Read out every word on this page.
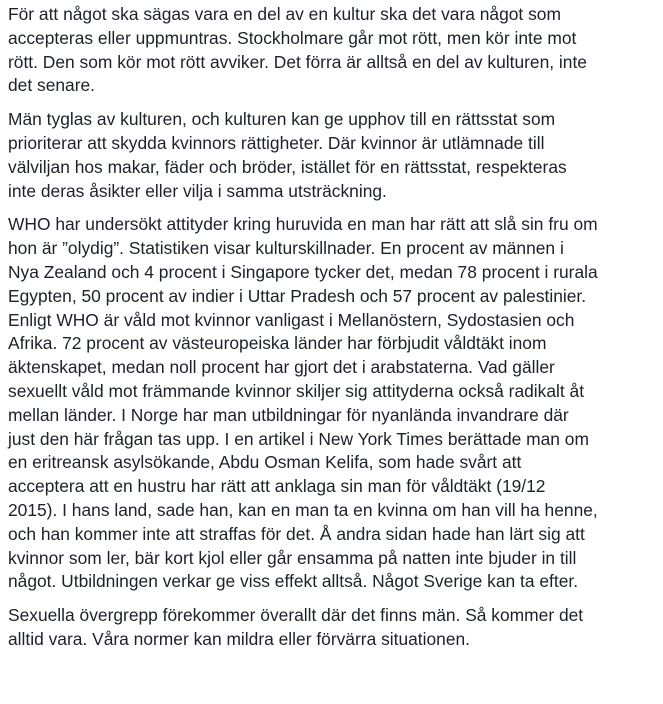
För att något ska sägas vara en del av en kultur ska det vara något som
accepteras eller uppmuntras. Stockholmare går mot rött, men kör inte mot
rött. Den som kör mot rött avviker. Det förra är alltså en del av kulturen, inte
det senare.

Män tyglas av kulturen, och kulturen kan ge upphov till en rättsstat som
prioriterar att skydda kvinnors rättigheter. Där kvinnor är utlämnade till
välviljan hos makar, fäder och bröder, istället för en rättsstat, respekteras
inte deras åsikter eller vilja i samma utsträckning.

WHO har undersökt attityder kring huruvida en man har rätt att slå sin fru om
hon är ”olydig”. Statistiken visar kulturskillnader. En procent av männen i
Nya Zealand och 4 procent i Singapore tycker det, medan 78 procent i rurala
Egypten, 50 procent av indier i Uttar Pradesh och 57 procent av palestinier.
Enligt WHO är våld mot kvinnor vanligast i Mellanöstern, Sydostasien och
Afrika. 72 procent av västeuropeiska länder har förbjudit våldtäkt inom
äktenskapet, medan noll procent har gjort det i arabstaterna. Vad gäller
sexuellt våld mot främmande kvinnor skiljer sig attityderna också radikalt åt
mellan länder. I Norge har man utbildningar för nyanlända invandrare där
just den här frågan tas upp. I en artikel i New York Times berättade man om
en eritreansk asylsökande, Abdu Osman Kelifa, som hade svårt att
acceptera att en hustru har rätt att anklaga sin man för våldtäkt (19/12
2015). I hans land, sade han, kan en man ta en kvinna om han vill ha henne,
och han kommer inte att straffas för det. Å andra sidan hade han lärt sig att
kvinnor som ler, bär kort kjol eller går ensamma på natten inte bjuder in till
något. Utbildningen verkar ge viss effekt alltså. Något Sverige kan ta efter.

Sexuella övergrepp förekommer överallt där det finns män. Så kommer det
alltid vara. Våra normer kan mildra eller förvärra situationen.
